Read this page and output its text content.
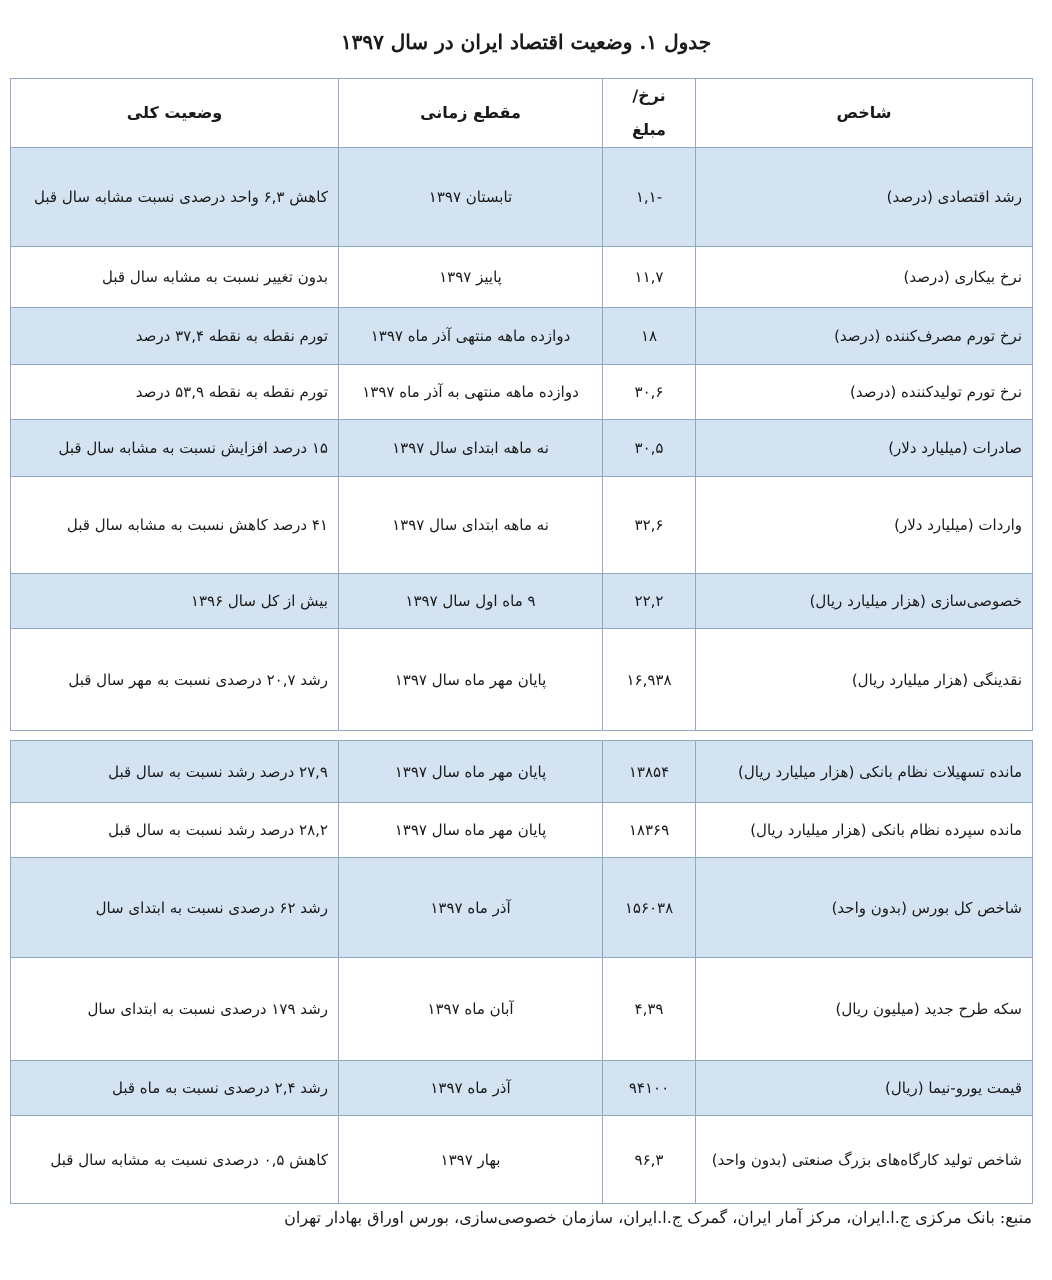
جدول ۱. وضعیت اقتصاد ایران در سال ۱۳۹۷
شاخص	نرخ/ مبلغ	مقطع زمانی	وضعیت کلی
رشد اقتصادی (درصد)	-۱,۱	تابستان ۱۳۹۷	کاهش ۶,۳ واحد درصدی نسبت مشابه سال قبل
نرخ بیکاری (درصد)	۱۱,۷	پاییز ۱۳۹۷	بدون تغییر نسبت به مشابه سال قبل
نرخ تورم مصرف‌کننده (درصد)	۱۸	دوازده ماهه منتهی آذر ماه ۱۳۹۷	تورم نقطه به نقطه ۳۷,۴ درصد
نرخ تورم تولیدکننده (درصد)	۳۰,۶	دوازده ماهه منتهی به آذر ماه ۱۳۹۷	تورم نقطه به نقطه ۵۳,۹ درصد
صادرات (میلیارد دلار)	۳۰,۵	نه ماهه ابتدای سال ۱۳۹۷	۱۵ درصد افزایش نسبت به مشابه سال قبل
واردات (میلیارد دلار)	۳۲,۶	نه ماهه ابتدای سال ۱۳۹۷	۴۱ درصد کاهش نسبت به مشابه سال قبل
خصوصی‌سازی (هزار میلیارد ریال)	۲۲,۲	۹ ماه اول سال ۱۳۹۷	بیش از کل سال ۱۳۹۶
نقدینگی (هزار میلیارد ریال)	۱۶,۹۳۸	پایان مهر ماه سال ۱۳۹۷	رشد ۲۰,۷ درصدی نسبت به مهر سال قبل
مانده تسهیلات نظام بانکی (هزار میلیارد ریال)	۱۳۸۵۴	پایان مهر ماه سال ۱۳۹۷	۲۷,۹ درصد رشد نسبت به سال قبل
مانده سپرده نظام بانکی (هزار میلیارد ریال)	۱۸۳۶۹	پایان مهر ماه سال ۱۳۹۷	۲۸,۲ درصد رشد نسبت به سال قبل
شاخص کل بورس (بدون واحد)	۱۵۶۰۳۸	آذر ماه ۱۳۹۷	رشد ۶۲ درصدی نسبت به ابتدای سال
سکه طرح جدید (میلیون ریال)	۴,۳۹	آبان ماه ۱۳۹۷	رشد ۱۷۹ درصدی نسبت به ابتدای سال
قیمت یورو-نیما (ریال)	۹۴۱۰۰	آذر ماه ۱۳۹۷	رشد ۲,۴ درصدی نسبت به ماه قبل
شاخص تولید کارگاه‌های بزرگ صنعتی (بدون واحد)	۹۶,۳	بهار ۱۳۹۷	کاهش ۰,۵ درصدی نسبت به مشابه سال قبل
منبع: بانک مرکزی ج.ا.ایران، مرکز آمار ایران، گمرک ج.ا.ایران، سازمان خصوصی‌سازی، بورس اوراق بهادار تهران
